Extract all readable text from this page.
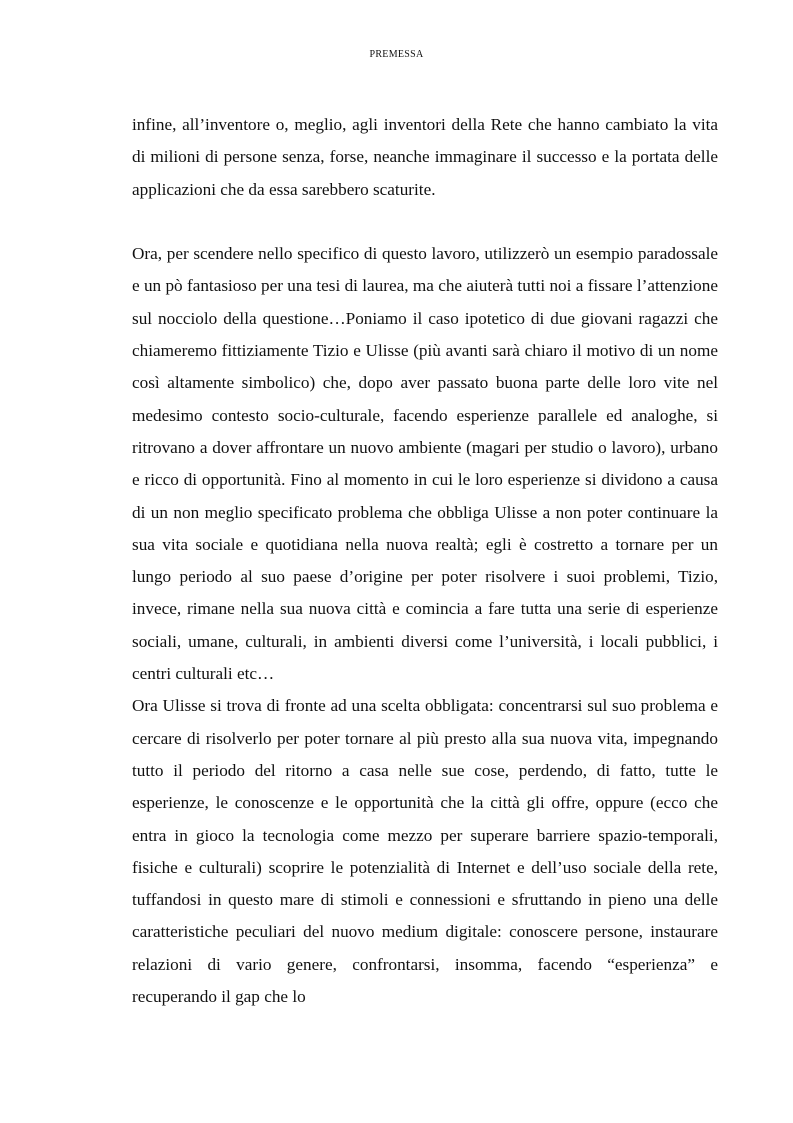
PREMESSA

infine, all’inventore o, meglio, agli inventori della Rete che hanno cambiato la vita di milioni di persone senza, forse, neanche immaginare il successo e la portata delle applicazioni che da essa sarebbero scaturite.

Ora, per scendere nello specifico di questo lavoro, utilizzerò un esempio paradossale e un pò fantasioso per una tesi di laurea, ma che aiuterà tutti noi a fissare l’attenzione sul nocciolo della questione…Poniamo il caso ipotetico di due giovani ragazzi che chiameremo fittiziamente Tizio e Ulisse (più avanti sarà chiaro il motivo di un nome così altamente simbolico) che, dopo aver passato buona parte delle loro vite nel medesimo contesto socio-culturale, facendo esperienze parallele ed analoghe, si ritrovano a dover affrontare un nuovo ambiente (magari per studio o lavoro), urbano e ricco di opportunità. Fino al momento in cui le loro esperienze si dividono a causa di un non meglio specificato problema che obbliga Ulisse a non poter continuare la sua vita sociale e quotidiana nella nuova realtà; egli è costretto a tornare per un lungo periodo al suo paese d’origine per poter risolvere i suoi problemi, Tizio, invece, rimane nella sua nuova città e comincia a fare tutta una serie di esperienze sociali, umane, culturali, in ambienti diversi come l’università, i locali pubblici, i centri culturali etc…

Ora Ulisse si trova di fronte ad una scelta obbligata: concentrarsi sul suo problema e cercare di risolverlo per poter tornare al più presto alla sua nuova vita, impegnando tutto il periodo del ritorno a casa nelle sue cose, perdendo, di fatto, tutte le esperienze, le conoscenze e le opportunità che la città gli offre, oppure (ecco che entra in gioco la tecnologia come mezzo per superare barriere spazio-temporali, fisiche e culturali) scoprire le potenzialità di Internet e dell’uso sociale della rete, tuffandosi in questo mare di stimoli e connessioni e sfruttando in pieno una delle caratteristiche peculiari del nuovo medium digitale: conoscere persone, instaurare relazioni di vario genere, confrontarsi, insomma, facendo “esperienza” e recuperando il gap che lo
